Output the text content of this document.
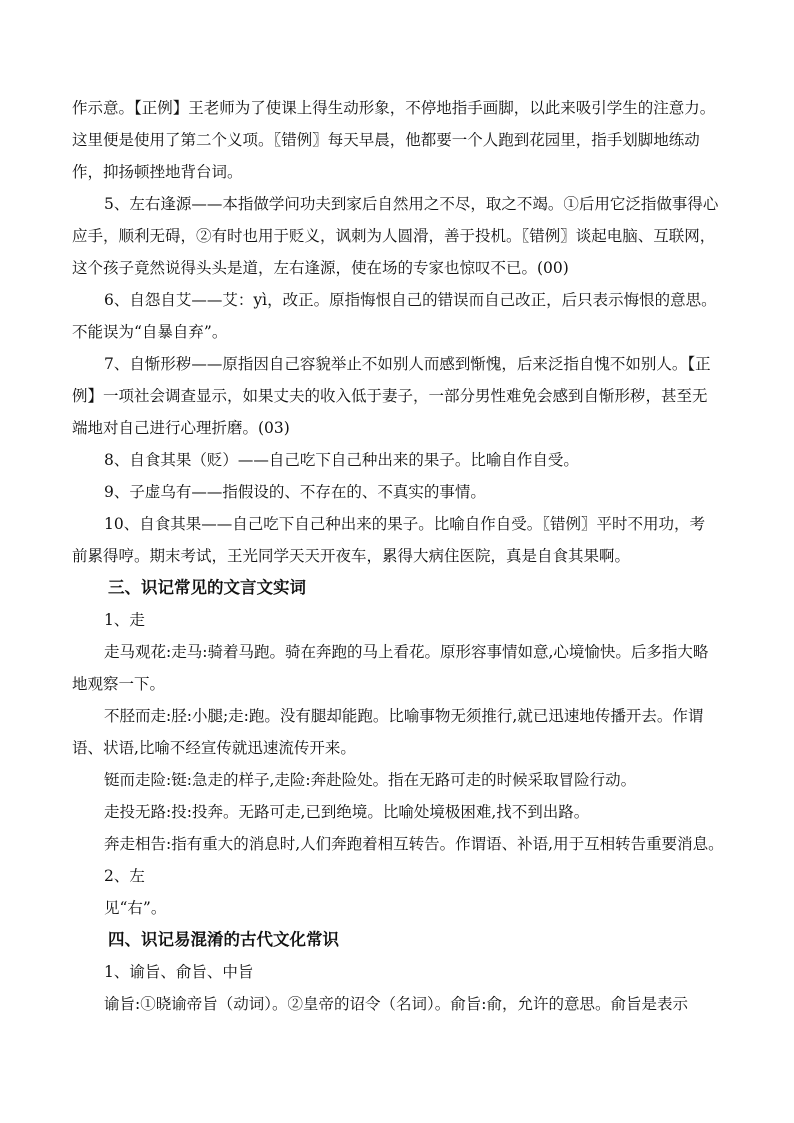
作示意。【正例】王老师为了使课上得生动形象，不停地指手画脚，以此来吸引学生的注意力。
这里便是使用了第二个义项。〖错例〗每天早晨，他都要一个人跑到花园里，指手划脚地练动
作，抑扬顿挫地背台词。
5、左右逢源——本指做学问功夫到家后自然用之不尽，取之不竭。①后用它泛指做事得心
应手，顺利无碍，②有时也用于贬义，讽刺为人圆滑，善于投机。〖错例〗谈起电脑、互联网，
这个孩子竟然说得头头是道，左右逢源，使在场的专家也惊叹不已。(00)
6、自怨自艾——艾：yì，改正。原指悔恨自己的错误而自己改正，后只表示悔恨的意思。
不能误为“自暴自弃”。
7、自惭形秽——原指因自己容貌举止不如别人而感到惭愧，后来泛指自愧不如别人。【正
例】一项社会调查显示，如果丈夫的收入低于妻子，一部分男性难免会感到自惭形秽，甚至无
端地对自己进行心理折磨。(03)
8、自食其果（贬）——自己吃下自己种出来的果子。比喻自作自受。
9、子虚乌有——指假设的、不存在的、不真实的事情。
10、自食其果——自己吃下自己种出来的果子。比喻自作自受。〖错例〗平时不用功，考
前累得哼。期末考试，王光同学天天开夜车，累得大病住医院，真是自食其果啊。
三、识记常见的文言文实词
1、走
走马观花:走马:骑着马跑。骑在奔跑的马上看花。原形容事情如意,心境愉快。后多指大略
地观察一下。
不胫而走:胫:小腿;走:跑。没有腿却能跑。比喻事物无须推行,就已迅速地传播开去。作谓
语、状语,比喻不经宣传就迅速流传开来。
铤而走险:铤:急走的样子,走险:奔赴险处。指在无路可走的时候采取冒险行动。
走投无路:投:投奔。无路可走,已到绝境。比喻处境极困难,找不到出路。
奔走相告:指有重大的消息时,人们奔跑着相互转告。作谓语、补语,用于互相转告重要消息。
2、左
见“右”。
四、识记易混淆的古代文化常识
1、谕旨、俞旨、中旨
谕旨:①晓谕帝旨（动词）。②皇帝的诏令（名词）。俞旨:俞，允许的意思。俞旨是表示
